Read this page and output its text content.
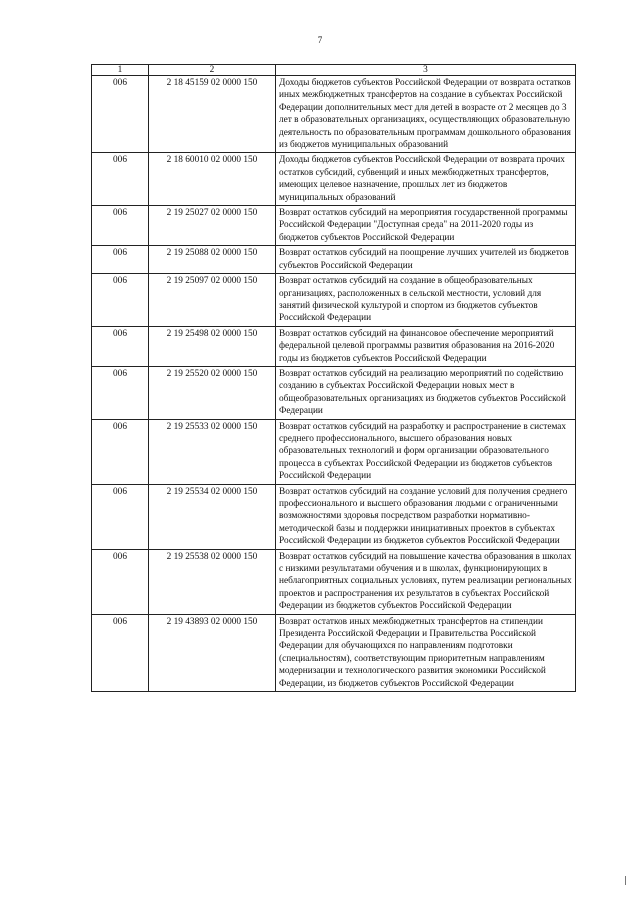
7
1	2	3
006	2 18 45159 02 0000 150	Доходы бюджетов субъектов Российской Федерации от возврата остатков иных межбюджетных трансфертов на создание в субъектах Российской Федерации дополнительных мест для детей в возрасте от 2 месяцев до 3 лет в образовательных организациях, осуществляющих образовательную деятельность по образовательным программам дошкольного образования из бюджетов муниципальных образований
006	2 18 60010 02 0000 150	Доходы бюджетов субъектов Российской Федерации от возврата прочих остатков субсидий, субвенций и иных межбюджетных трансфертов, имеющих целевое назначение, прошлых лет из бюджетов муниципальных образований
006	2 19 25027 02 0000 150	Возврат остатков субсидий на мероприятия государственной программы Российской Федерации "Доступная среда" на 2011-2020 годы из бюджетов субъектов Российской Федерации
006	2 19 25088 02 0000 150	Возврат остатков субсидий на поощрение лучших учителей из бюджетов субъектов Российской Федерации
006	2 19 25097 02 0000 150	Возврат остатков субсидий на создание в общеобразовательных организациях, расположенных в сельской местности, условий для занятий физической культурой и спортом из бюджетов субъектов Российской Федерации
006	2 19 25498 02 0000 150	Возврат остатков субсидий на финансовое обеспечение мероприятий федеральной целевой программы развития образования на 2016-2020 годы из бюджетов субъектов Российской Федерации
006	2 19 25520 02 0000 150	Возврат остатков субсидий на реализацию мероприятий по содействию созданию в субъектах Российской Федерации новых мест в общеобразовательных организациях из бюджетов субъектов Российской Федерации
006	2 19 25533 02 0000 150	Возврат остатков субсидий на разработку и распространение в системах среднего профессионального, высшего образования новых образовательных технологий и форм организации образовательного процесса в субъектах Российской Федерации из бюджетов субъектов Российской Федерации
006	2 19 25534 02 0000 150	Возврат остатков субсидий на создание условий для получения среднего профессионального и высшего образования людьми с ограниченными возможностями здоровья посредством разработки нормативно-методической базы и поддержки инициативных проектов в субъектах Российской Федерации из бюджетов субъектов Российской Федерации
006	2 19 25538 02 0000 150	Возврат остатков субсидий на повышение качества образования в школах с низкими результатами обучения и в школах, функционирующих в неблагоприятных социальных условиях, путем реализации региональных проектов и распространения их результатов в субъектах Российской Федерации из бюджетов субъектов Российской Федерации
006	2 19 43893 02 0000 150	Возврат остатков иных межбюджетных трансфертов на стипендии Президента Российской Федерации и Правительства Российской Федерации для обучающихся по направлениям подготовки (специальностям), соответствующим приоритетным направлениям модернизации и технологического развития экономики Российской Федерации, из бюджетов субъектов Российской Федерации
